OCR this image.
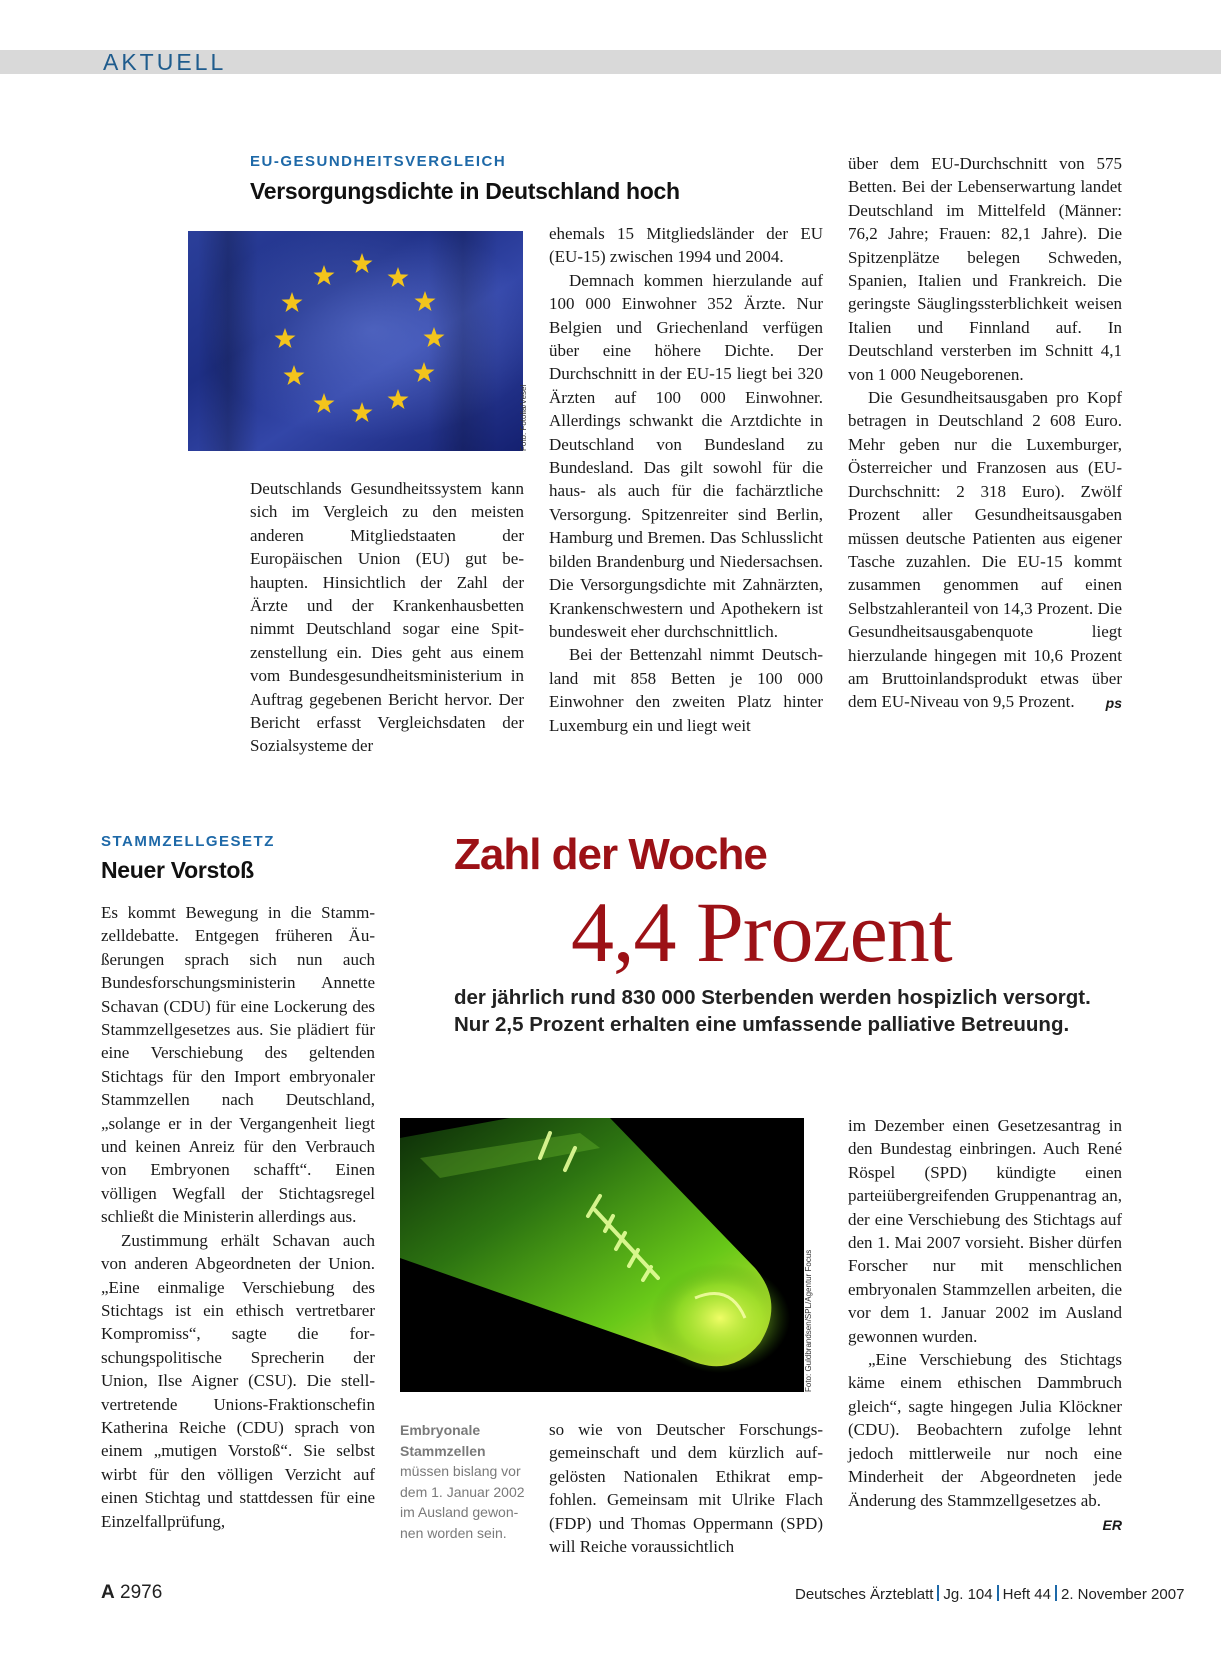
AKTUELL
EU-GESUNDHEITSVERGLEICH
Versorgungsdichte in Deutschland hoch
Foto: Fotolia/Vesel

Deutschlands Gesundheitssystem kann sich im Vergleich zu den meisten anderen Mitgliedstaaten der Europäischen Union (EU) gut behaupten. Hinsichtlich der Zahl der Ärzte und der Krankenhausbetten nimmt Deutschland sogar eine Spitzenstellung ein. Dies geht aus einem vom Bundesgesundheitsministerium in Auftrag gegebenen Bericht hervor. Der Bericht erfasst Vergleichsdaten der Sozialsysteme der

ehemals 15 Mitgliedsländer der EU (EU-15) zwischen 1994 und 2004.

Demnach kommen hierzulande auf 100 000 Einwohner 352 Ärzte. Nur Belgien und Griechenland verfügen über eine höhere Dichte. Der Durchschnitt in der EU-15 liegt bei 320 Ärzten auf 100 000 Einwohner. Allerdings schwankt die Arztdichte in Deutschland von Bundesland zu Bundesland. Das gilt sowohl für die haus- als auch für die fachärztliche Versorgung. Spitzenreiter sind Berlin, Hamburg und Bremen. Das Schlusslicht bilden Brandenburg und Niedersachsen. Die Versorgungsdichte mit Zahnärzten, Krankenschwestern und Apothekern ist bundesweit eher durchschnittlich.

Bei der Bettenzahl nimmt Deutschland mit 858 Betten je 100 000 Einwohner den zweiten Platz hinter Luxemburg ein und liegt weit

über dem EU-Durchschnitt von 575 Betten. Bei der Lebenserwartung landet Deutschland im Mittelfeld (Männer: 76,2 Jahre; Frauen: 82,1 Jahre). Die Spitzenplätze belegen Schweden, Spanien, Italien und Frankreich. Die geringste Säuglingssterblichkeit weisen Italien und Finnland auf. In Deutschland versterben im Schnitt 4,1 von 1 000 Neugeborenen.

Die Gesundheitsausgaben pro Kopf betragen in Deutschland 2 608 Euro. Mehr geben nur die Luxemburger, Österreicher und Franzosen aus (EU-Durchschnitt: 2 318 Euro). Zwölf Prozent aller Gesundheitsausgaben müssen deutsche Patienten aus eigener Tasche zuzahlen. Die EU-15 kommt zusammen genommen auf einen Selbstzahleranteil von 14,3 Prozent. Die Gesundheitsausgabenquote liegt hierzulande hingegen mit 10,6 Prozent am Bruttoinlandsprodukt etwas über dem EU-Niveau von 9,5 Prozent.	ps

STAMMZELLGESETZ
Neuer Vorstoß	Zahl der Woche
4,4 Prozent
der jährlich rund 830 000 Sterbenden werden hospizlich versorgt.
Nur 2,5 Prozent erhalten eine umfassende palliative Betreuung.

Es kommt Bewegung in die Stammzelldebatte. Entgegen früheren Äußerungen sprach sich nun auch Bundesforschungsministerin Annette Schavan (CDU) für eine Lockerung des Stammzellgesetzes aus. Sie plädiert für eine Verschiebung des geltenden Stichtags für den Import embryonaler Stammzellen nach Deutschland, „solange er in der Vergangenheit liegt und keinen Anreiz für den Verbrauch von Embryonen schafft“. Einen völligen Wegfall der Stichtagsregel schließt die Ministerin allerdings aus.

Zustimmung erhält Schavan auch von anderen Abgeordneten der Union. „Eine einmalige Verschiebung des Stichtags ist ein ethisch vertretbarer Kompromiss“, sagte die forschungspolitische Sprecherin der Union, Ilse Aigner (CSU). Die stellvertretende Unions-Fraktionschefin Katherina Reiche (CDU) sprach von einem „mutigen Vorstoß“. Sie selbst wirbt für den völligen Verzicht auf einen Stichtag und stattdessen für eine Einzelfallprüfung,

Foto: Guldbrandsen/SPL/Agentur Focus
Embryonale Stammzellen
müssen bislang vor dem 1. Januar 2002 im Ausland gewonnen worden sein.

so wie von Deutscher Forschungsgemeinschaft und dem kürzlich aufgelösten Nationalen Ethikrat empfohlen. Gemeinsam mit Ulrike Flach (FDP) und Thomas Oppermann (SPD) will Reiche voraussichtlich

im Dezember einen Gesetzesantrag in den Bundestag einbringen. Auch René Röspel (SPD) kündigte einen parteiübergreifenden Gruppenantrag an, der eine Verschiebung des Stichtags auf den 1. Mai 2007 vorsieht. Bisher dürfen Forscher nur mit menschlichen embryonalen Stammzellen arbeiten, die vor dem 1. Januar 2002 im Ausland gewonnen wurden.

„Eine Verschiebung des Stichtags käme einem ethischen Dammbruch gleich“, sagte hingegen Julia Klöckner (CDU). Beobachtern zufolge lehnt jedoch mittlerweile nur noch eine Minderheit der Abgeordneten jede Änderung des Stammzellgesetzes ab.
ER

A 2976	Deutsches Ärzteblatt Jg. 104 Heft 44 2. November 2007
